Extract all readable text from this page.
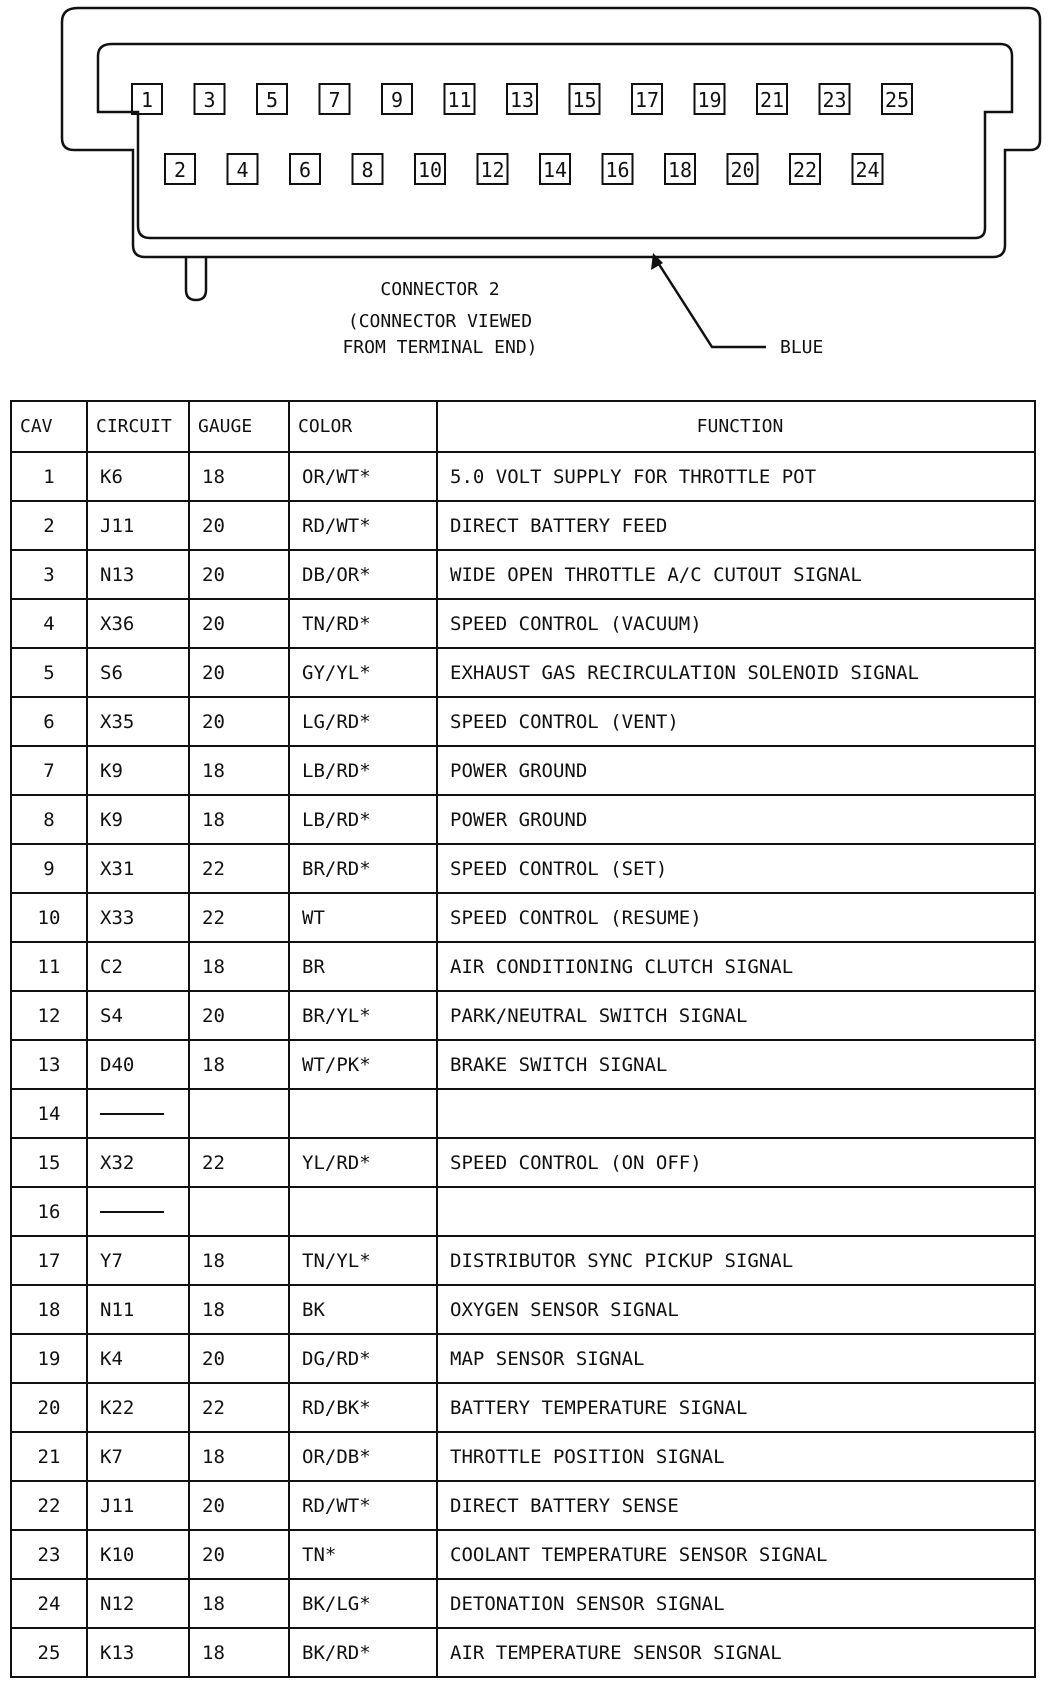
1	3	5	7	9 11 13 15 17 19 21 23 25
2	4	6	8 10 12 14 16 18 20 22 24
CONNECTOR 2
(CONNECTOR VIEWED
FROM TERMINAL END)	BLUE
CAV	CIRCUIT	GAUGE	COLOR	FUNCTION
1	K6	18	OR/WT*	5.0 VOLT SUPPLY FOR THROTTLE POT
2	J11	20	RD/WT*	DIRECT BATTERY FEED
3	N13	20	DB/OR*	WIDE OPEN THROTTLE A/C CUTOUT SIGNAL
4	X36	20	TN/RD*	SPEED CONTROL (VACUUM)
5	S6	20	GY/YL*	EXHAUST GAS RECIRCULATION SOLENOID SIGNAL
6	X35	20	LG/RD*	SPEED CONTROL (VENT)
7	K9	18	LB/RD*	POWER GROUND
8	K9	18	LB/RD*	POWER GROUND
9	X31	22	BR/RD*	SPEED CONTROL (SET)
10	X33	22	WT	SPEED CONTROL (RESUME)
11	C2	18	BR	AIR CONDITIONING CLUTCH SIGNAL
12	S4	20	BR/YL*	PARK/NEUTRAL SWITCH SIGNAL
13	D40	18	WT/PK*	BRAKE SWITCH SIGNAL
14				
15	X32	22	YL/RD*	SPEED CONTROL (ON OFF)
16				
17	Y7	18	TN/YL*	DISTRIBUTOR SYNC PICKUP SIGNAL
18	N11	18	BK	OXYGEN SENSOR SIGNAL
19	K4	20	DG/RD*	MAP SENSOR SIGNAL
20	K22	22	RD/BK*	BATTERY TEMPERATURE SIGNAL
21	K7	18	OR/DB*	THROTTLE POSITION SIGNAL
22	J11	20	RD/WT*	DIRECT BATTERY SENSE
23	K10	20	TN*	COOLANT TEMPERATURE SENSOR SIGNAL
24	N12	18	BK/LG*	DETONATION SENSOR SIGNAL
25	K13	18	BK/RD*	AIR TEMPERATURE SENSOR SIGNAL
